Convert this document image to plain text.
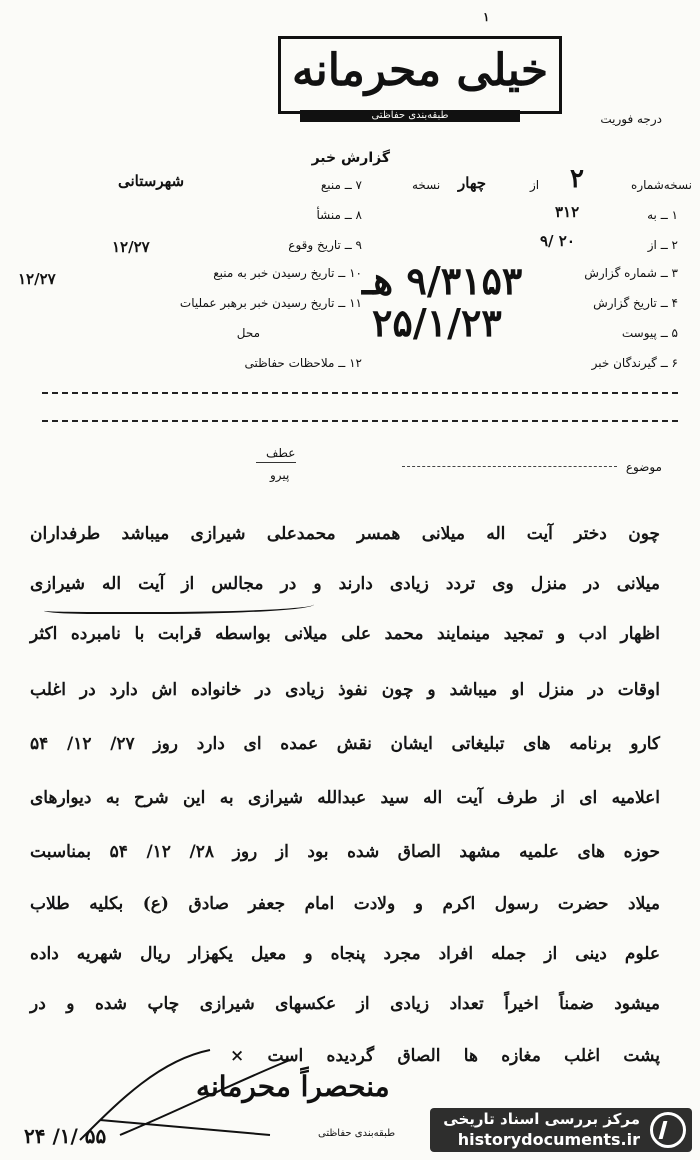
خیلی محرمانه
۱
طبقه‌بندی حفاظتی	درجه فوریت
گزارش خبر
نسخه‌شماره
۲
از
چهار
نسخه
۱ ــ به
۳۱۲
۲ ــ از
۹/ ۲۰
۳ ــ شماره گزارش
۴ ــ تاریخ گزارش
۵ ــ پیوست
۶ ــ گیرندگان خبر
۹/۳۱۵۳ هـ
۲۵/۱/۲۳
۷ ــ منبع
شهرستانی
۸ ــ منشأ
۹ ــ تاریخ وقوع
۱۲/۲۷
۱۰ ــ تاریخ رسیدن خبر به منبع
۱۲/۲۷
۱۱ ــ تاریخ رسیدن خبر برهبر عملیات
محل
۱۲ ــ ملاحظات حفاظتی
موضوع
عطف
پیرو
چون دختر آیت اله میلانی همسر محمدعلی شیرازی میباشد طرفداران
میلانی در منزل وی تردد زیادی دارند و در مجالس از آیت اله شیرازی
اظهار ادب و تمجید مینمایند محمد علی میلانی بواسطه قرابت با نامبرده اکثر
اوقات در منزل او میباشد و چون نفوذ زیادی در خانواده اش دارد در اغلب
کارو برنامه های تبلیغاتی ایشان نقش عمده ای دارد روز ۲۷/ ۱۲/ ۵۴
اعلامیه ای از طرف آیت اله سید عبدالله شیرازی به این شرح به دیوارهای
حوزه های علمیه مشهد الصاق شده بود از روز ۲۸/ ۱۲/ ۵۴ بمناسبت
میلاد حضرت رسول اکرم و ولادت امام جعفر صادق (ع) بکلیه طلاب
علوم دینی از جمله افراد مجرد پنجاه و معیل یکهزار ریال شهریه داده
میشود ضمناً اخیراً تعداد زیادی از عکسهای شیرازی چاپ شده و در
پشت اغلب مغازه ها الصاق گردیده است ×
منحصراً محرمانه
طبقه‌بندی حفاظتی
۲۴ /۱/ ۵۵
مرکز بررسی اسناد تاریخی
historydocuments.ir
